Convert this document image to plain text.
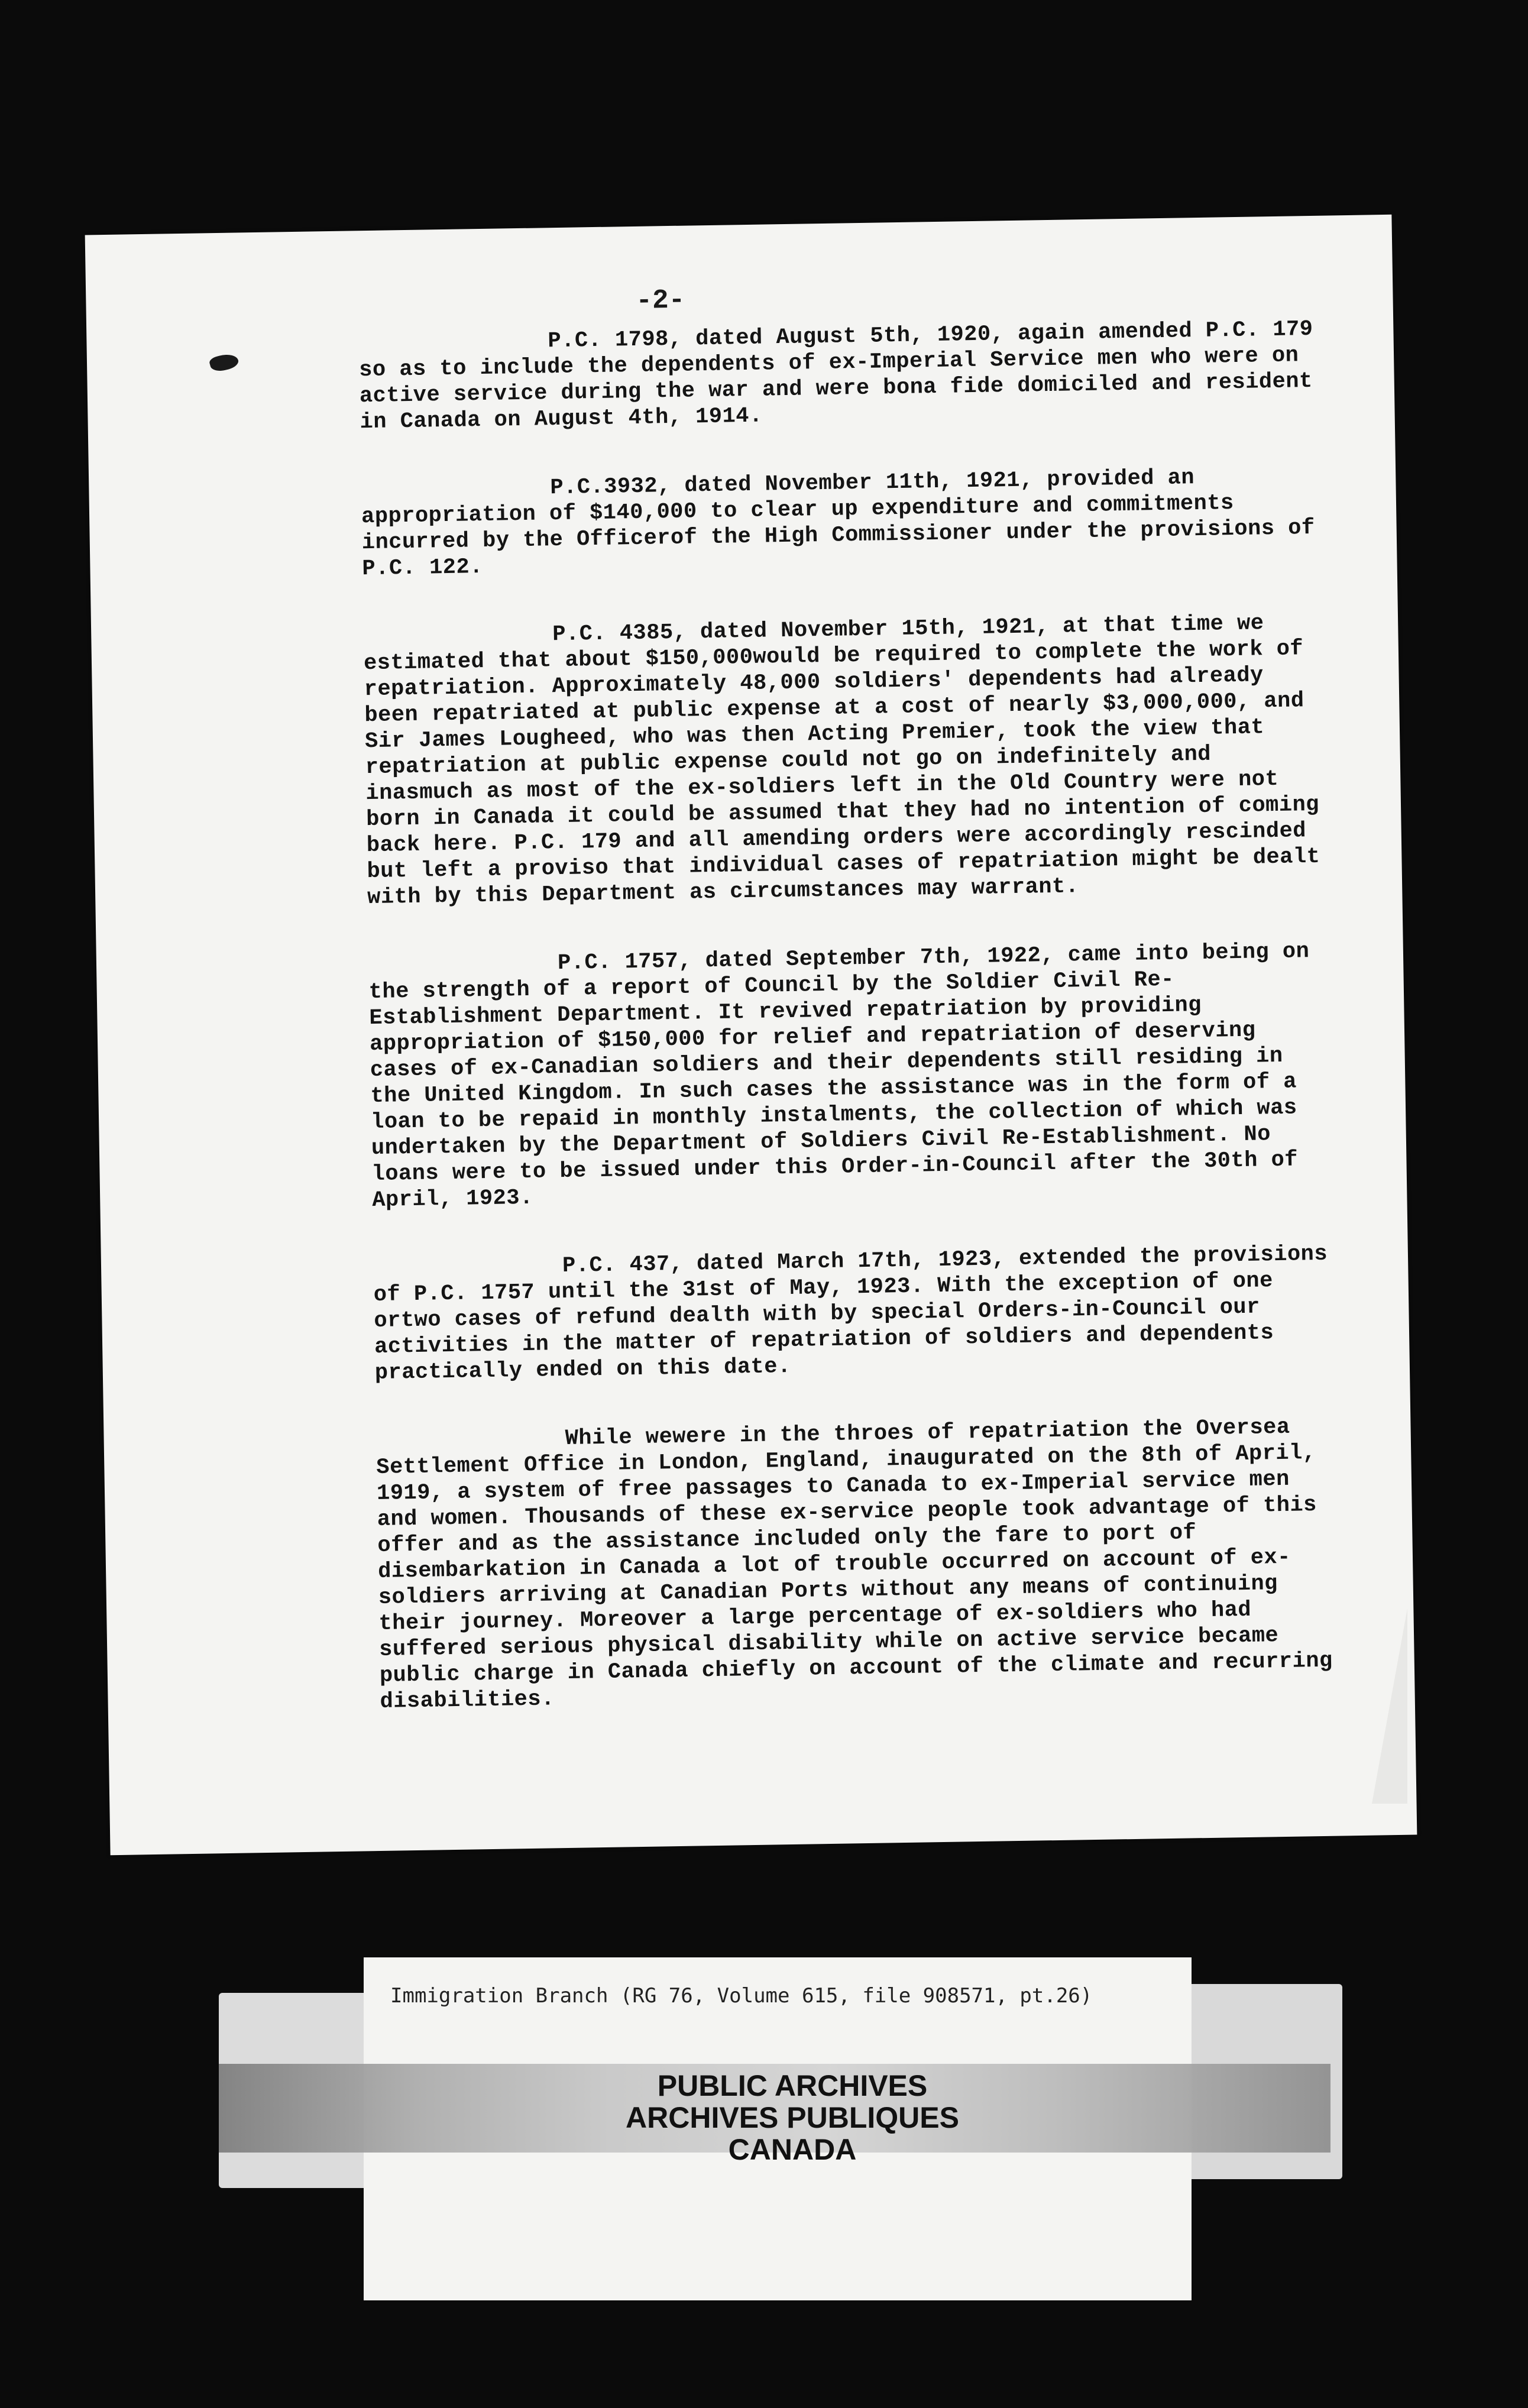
-2-

P.C. 1798, dated August 5th, 1920, again amended P.C. 179 so as to include the dependents of ex-Imperial Service men who were on active service during the war and were bona fide domiciled and resident in Canada on August 4th, 1914.

P.C.3932, dated November 11th, 1921, provided an appropriation of $140,000 to clear up expenditure and commitments incurred by the Officerof the High Commissioner under the provisions of P.C. 122.

P.C. 4385, dated November 15th, 1921, at that time we estimated that about $150,000would be required to complete the work of repatriation. Approximately 48,000 soldiers' dependents had already been repatriated at public expense at a cost of nearly $3,000,000, and Sir James Lougheed, who was then Acting Premier, took the view that repatriation at public expense could not go on indefinitely and inasmuch as most of the ex-soldiers left in the Old Country were not born in Canada it could be assumed that they had no intention of coming back here. P.C. 179 and all amending orders were accordingly rescinded but left a proviso that individual cases of repatriation might be dealt with by this Department as circumstances may warrant.

P.C. 1757, dated September 7th, 1922, came into being on the strength of a report of Council by the Soldier Civil Re-Establishment Department. It revived repatriation by providing appropriation of $150,000 for relief and repatriation of deserving cases of ex-Canadian soldiers and their dependents still residing in the United Kingdom. In such cases the assistance was in the form of a loan to be repaid in monthly instalments, the collection of which was undertaken by the Department of Soldiers Civil Re-Establishment. No loans were to be issued under this Order-in-Council after the 30th of April, 1923.

P.C. 437, dated March 17th, 1923, extended the provisions of P.C. 1757 until the 31st of May, 1923. With the exception of one ortwo cases of refund dealth with by special Orders-in-Council our activities in the matter of repatriation of soldiers and dependents practically ended on this date.

While wewere in the throes of repatriation the Oversea Settlement Office in London, England, inaugurated on the 8th of April, 1919, a system of free passages to Canada to ex-Imperial service men and women. Thousands of these ex-service people took advantage of this offer and as the assistance included only the fare to port of disembarkation in Canada a lot of trouble occurred on account of ex-soldiers arriving at Canadian Ports without any means of continuing their journey. Moreover a large percentage of ex-soldiers who had suffered serious physical disability while on active service became public charge in Canada chiefly on account of the climate and recurring disabilities.

Immigration Branch (RG 76, Volume 615, file 908571, pt.26)
PUBLIC ARCHIVES
ARCHIVES PUBLIQUES
CANADA
